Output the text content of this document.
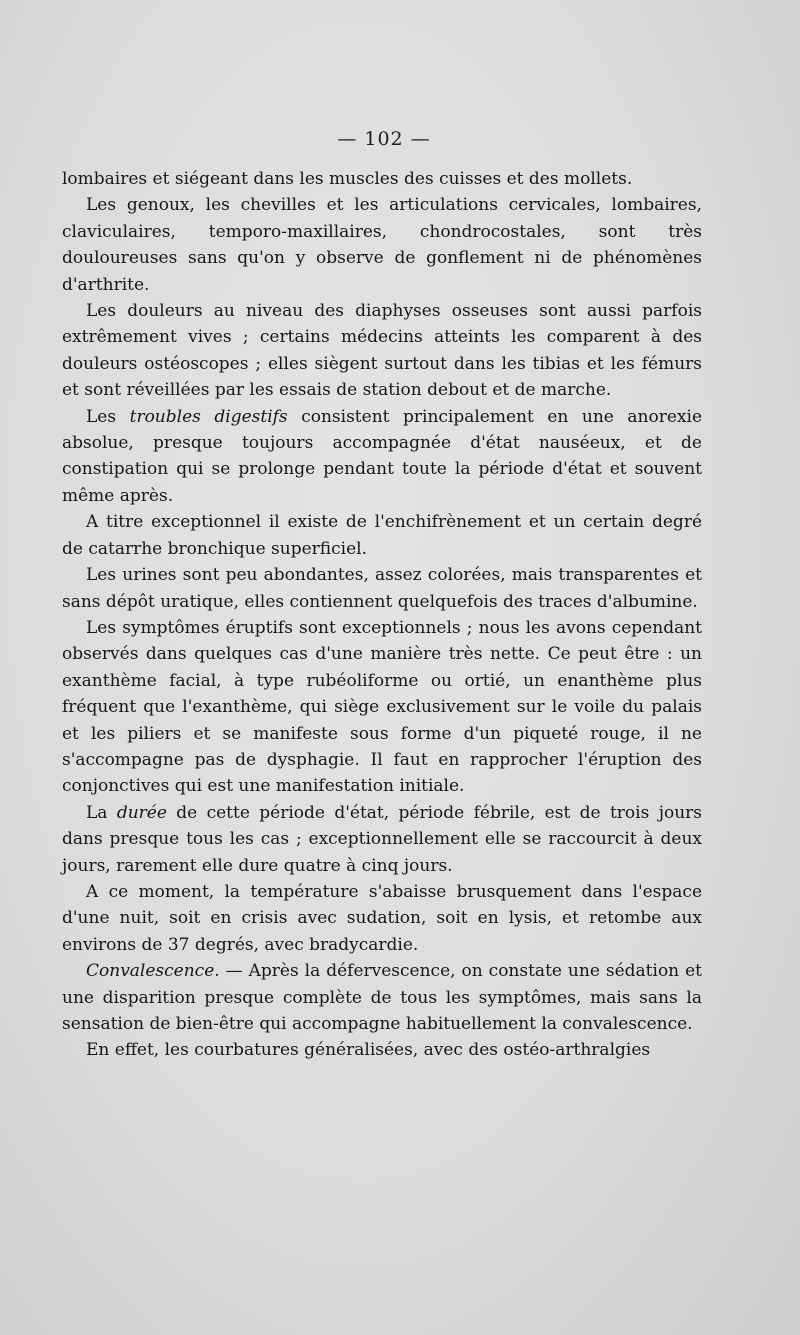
— 102 —

lombaires et siégeant dans les muscles des cuisses et des mollets.

Les genoux, les chevilles et les articulations cervicales, lombaires, claviculaires, temporo-maxillaires, chondrocostales, sont très douloureuses sans qu'on y observe de gonflement ni de phénomènes d'arthrite.

Les douleurs au niveau des diaphyses osseuses sont aussi parfois extrêmement vives ; certains médecins atteints les comparent à des douleurs ostéoscopes ; elles siègent surtout dans les tibias et les fémurs et sont réveillées par les essais de station debout et de marche.

Les troubles digestifs consistent principalement en une anorexie absolue, presque toujours accompagnée d'état nauséeux, et de constipation qui se prolonge pendant toute la période d'état et souvent même après.

A titre exceptionnel il existe de l'enchifrènement et un certain degré de catarrhe bronchique superficiel.

Les urines sont peu abondantes, assez colorées, mais transparentes et sans dépôt uratique, elles contiennent quelquefois des traces d'albumine.

Les symptômes éruptifs sont exceptionnels ; nous les avons cependant observés dans quelques cas d'une manière très nette. Ce peut être : un exanthème facial, à type rubéoliforme ou ortié, un enanthème plus fréquent que l'exanthème, qui siège exclusivement sur le voile du palais et les piliers et se manifeste sous forme d'un piqueté rouge, il ne s'accompagne pas de dysphagie. Il faut en rapprocher l'éruption des conjonctives qui est une manifestation initiale.

La durée de cette période d'état, période fébrile, est de trois jours dans presque tous les cas ; exceptionnellement elle se raccourcit à deux jours, rarement elle dure quatre à cinq jours.

A ce moment, la température s'abaisse brusquement dans l'espace d'une nuit, soit en crisis avec sudation, soit en lysis, et retombe aux environs de 37 degrés, avec bradycardie.

Convalescence. — Après la défervescence, on constate une sédation et une disparition presque complète de tous les symptômes, mais sans la sensation de bien-être qui accompagne habituellement la convalescence.

En effet, les courbatures généralisées, avec des ostéo-arthralgies
